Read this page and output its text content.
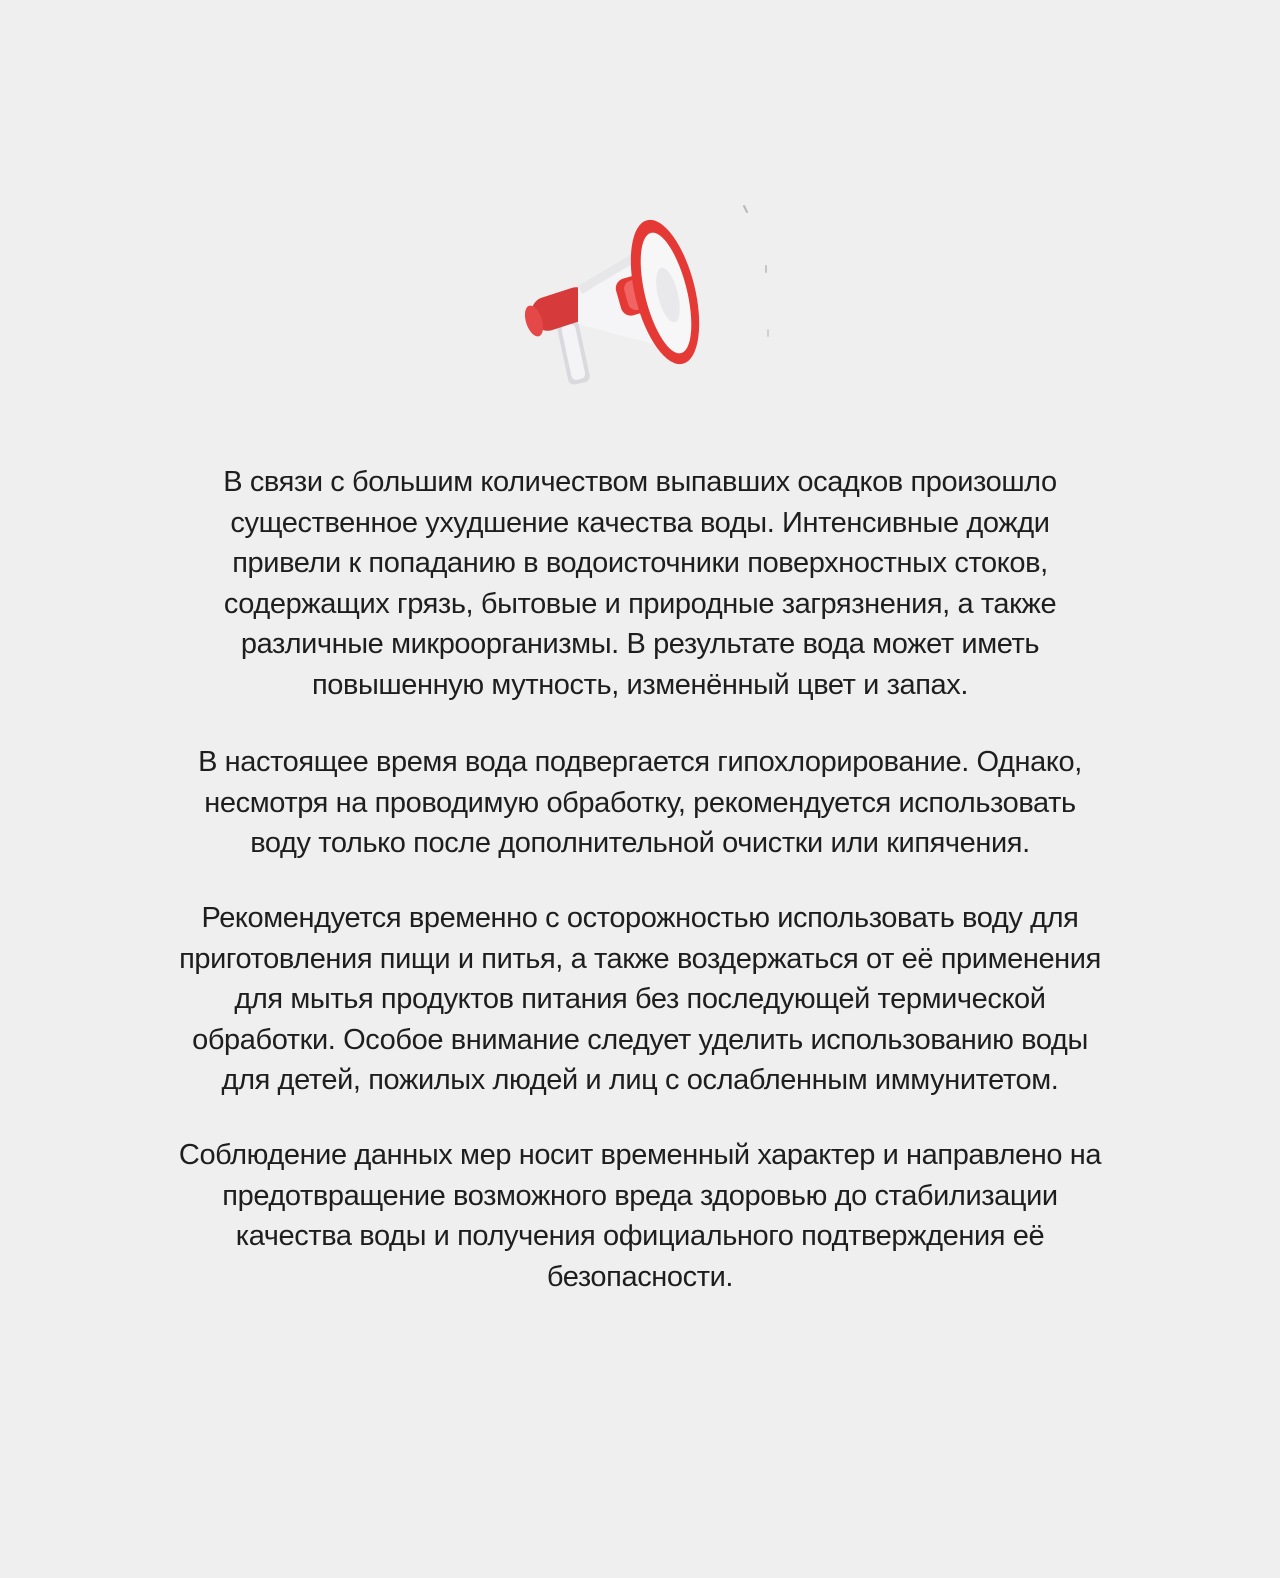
В связи с большим количеством выпавших осадков произошло
существенное ухудшение качества воды. Интенсивные дожди
привели к попаданию в водоисточники поверхностных стоков,
содержащих грязь, бытовые и природные загрязнения, а также
различные микроорганизмы. В результате вода может иметь
повышенную мутность, изменённый цвет и запах.

В настоящее время вода подвергается гипохлорирование. Однако,
несмотря на проводимую обработку, рекомендуется использовать
воду только после дополнительной очистки или кипячения.

Рекомендуется временно с осторожностью использовать воду для
приготовления пищи и питья, а также воздержаться от её применения
для мытья продуктов питания без последующей термической
обработки. Особое внимание следует уделить использованию воды
для детей, пожилых людей и лиц с ослабленным иммунитетом.

Соблюдение данных мер носит временный характер и направлено на
предотвращение возможного вреда здоровью до стабилизации
качества воды и получения официального подтверждения её
безопасности.
